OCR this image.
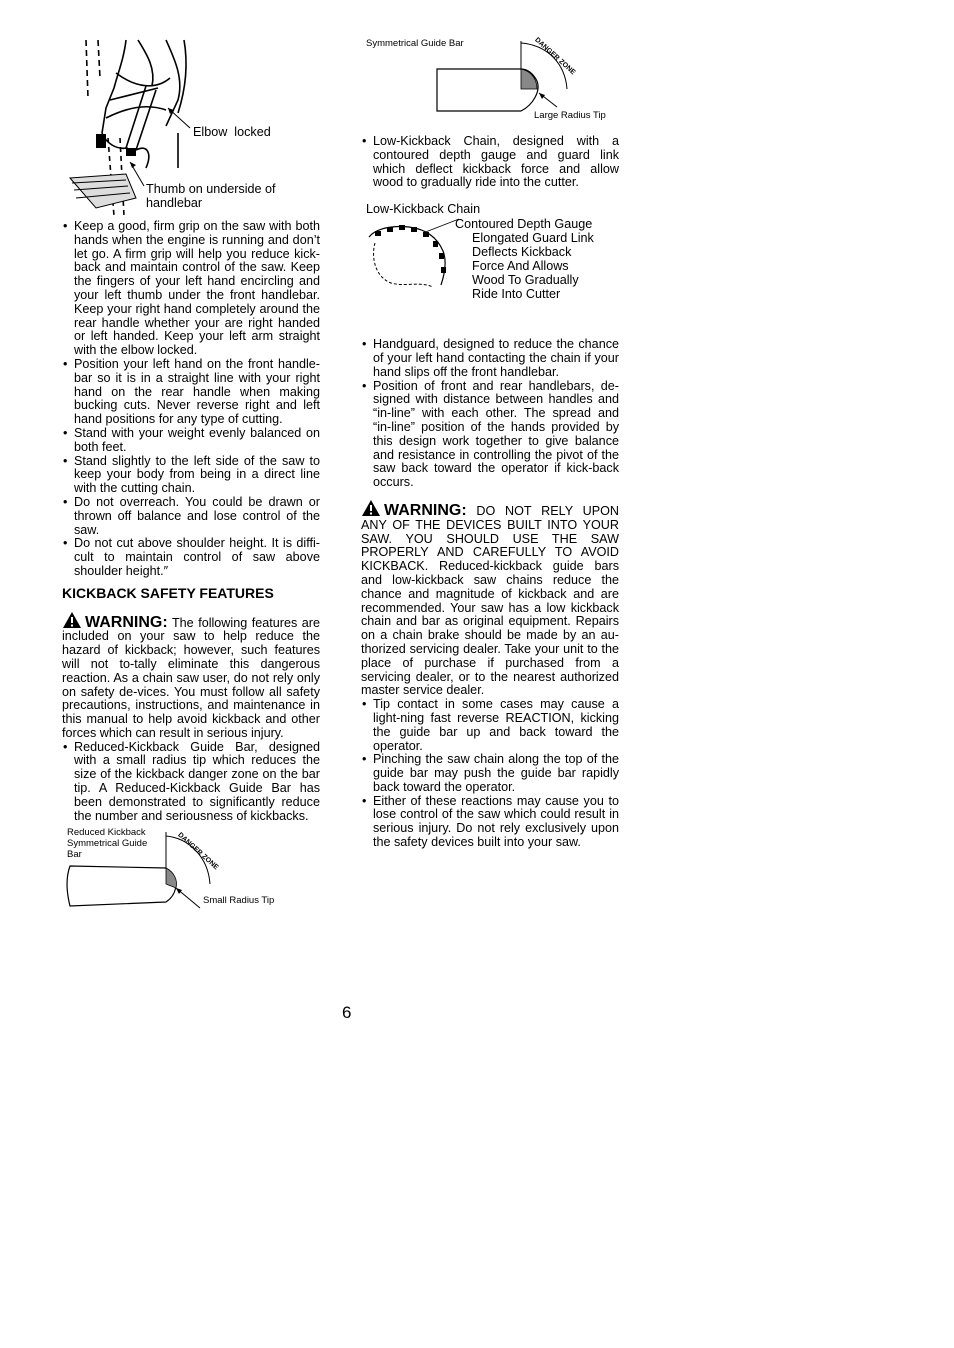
Elbow  locked
Thumb on underside of handlebar
• Keep a good, firm grip on the saw with both hands when the engine is running and don’t let go. A firm grip will help you reduce kick-back and maintain control of the saw. Keep the fingers of your left hand encircling and your left thumb under the front handlebar. Keep your right hand completely around the rear handle whether your are right handed or left handed. Keep your left arm straight with the elbow locked.
• Position your left hand on the front handle-bar so it is in a straight line with your right hand on the rear handle when making bucking cuts. Never reverse right and left hand positions for any type of cutting.
• Stand with your weight evenly balanced on both feet.
• Stand slightly to the left side of the saw to keep your body from being in a direct line with the cutting chain.
• Do not overreach. You could be drawn or thrown off balance and lose control of the saw.
• Do not cut above shoulder height. It is diffi-cult to maintain control of saw above shoulder height.″
KICKBACK SAFETY FEATURES
WARNING: The following features are included on your saw to help reduce the hazard of kickback; however, such features will not to-tally eliminate this dangerous reaction. As a chain saw user, do not rely only on safety de-vices. You must follow all safety precautions, instructions, and maintenance in this manual to help avoid kickback and other forces which can result in serious injury.
• Reduced-Kickback Guide Bar, designed with a small radius tip which reduces the size of the kickback danger zone on the bar tip. A Reduced-Kickback Guide Bar has been demonstrated to significantly reduce the number and seriousness of kickbacks.
Reduced Kickback Symmetrical Guide Bar	DANGER ZONE
Small Radius Tip
Symmetrical Guide Bar	DANGER ZONE
Large Radius Tip
• Low-Kickback Chain, designed with a contoured depth gauge and guard link which deflect kickback force and allow wood to gradually ride into the cutter.
Low-Kickback Chain
Contoured Depth Gauge
Elongated Guard Link
Deflects Kickback
Force And Allows
Wood To Gradually
Ride Into Cutter
• Handguard, designed to reduce the chance of your left hand contacting the chain if your hand slips off the front handlebar.
• Position of front and rear handlebars, de-signed with distance between handles and “in-line” with each other. The spread and “in-line” position of the hands provided by this design work together to give balance and resistance in controlling the pivot of the saw back toward the operator if kick-back occurs.
WARNING: DO NOT RELY UPON ANY OF THE DEVICES BUILT INTO YOUR SAW. YOU SHOULD USE THE SAW PROPERLY AND CAREFULLY TO AVOID KICKBACK. Reduced-kickback guide bars and low-kickback saw chains reduce the chance and magnitude of kickback and are recommended. Your saw has a low kickback chain and bar as original equipment. Repairs on a chain brake should be made by an au-thorized servicing dealer. Take your unit to the place of purchase if purchased from a servicing dealer, or to the nearest authorized master service dealer.
• Tip contact in some cases may cause a light-ning fast reverse REACTION, kicking the guide bar up and back toward the operator.
• Pinching the saw chain along the top of the guide bar may push the guide bar rapidly back toward the operator.
• Either of these reactions may cause you to lose control of the saw which could result in serious injury. Do not rely exclusively upon the safety devices built into your saw.
6
